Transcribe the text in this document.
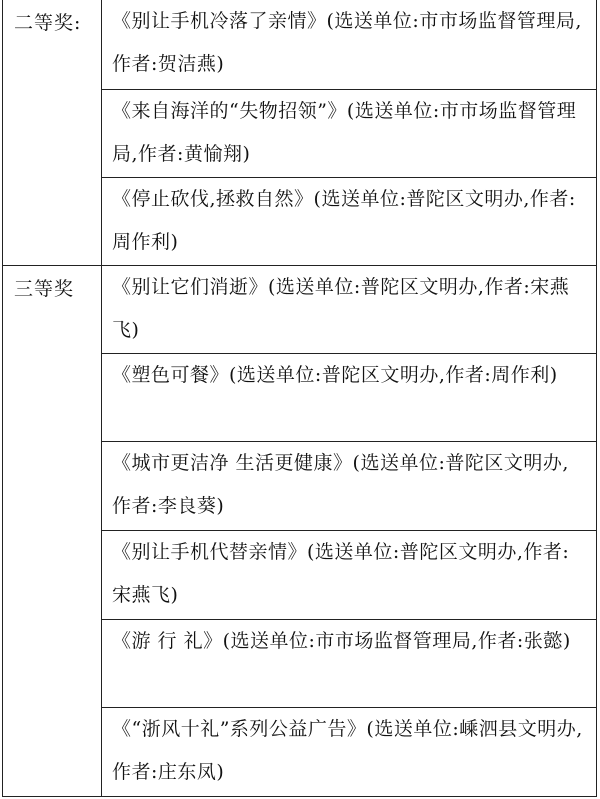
二等奖:	《别让手机冷落了亲情》(选送单位:市市场监督管理局,作者:贺洁燕)

	《来自海洋的“失物招领”》(选送单位:市市场监督管理局,作者:黄愉翔)

	《停止砍伐,拯救自然》(选送单位:普陀区文明办,作者:周作利)

三等奖	《别让它们消逝》(选送单位:普陀区文明办,作者:宋燕飞)

	《塑色可餐》(选送单位:普陀区文明办,作者:周作利)

	《城市更洁净 生活更健康》(选送单位:普陀区文明办,作者:李良葵)

	《别让手机代替亲情》(选送单位:普陀区文明办,作者:宋燕飞)

	《游 行 礼》(选送单位:市市场监督管理局,作者:张懿)

	《“浙风十礼”系列公益广告》(选送单位:嵊泗县文明办,作者:庄东凤)
